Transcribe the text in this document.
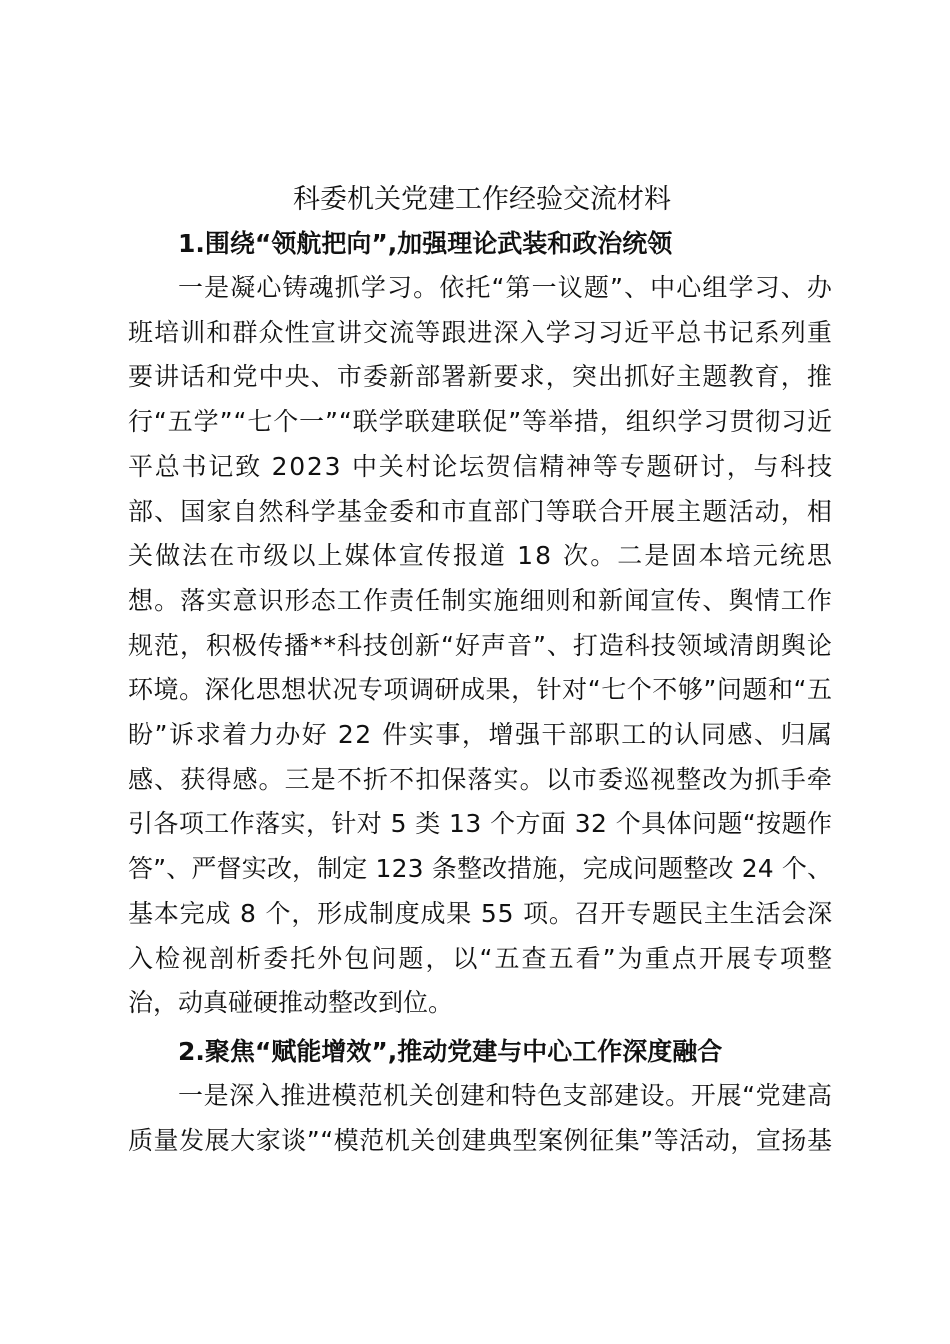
科委机关党建工作经验交流材料
1.围绕“领航把向”,加强理论武装和政治统领
一是凝心铸魂抓学习。依托“第一议题”、中心组学习、办
班培训和群众性宣讲交流等跟进深入学习习近平总书记系列重
要讲话和党中央、市委新部署新要求，突出抓好主题教育，推
行“五学”“七个一”“联学联建联促”等举措，组织学习贯彻习近
平总书记致 2023 中关村论坛贺信精神等专题研讨，与科技
部、国家自然科学基金委和市直部门等联合开展主题活动，相
关做法在市级以上媒体宣传报道 18 次。二是固本培元统思
想。落实意识形态工作责任制实施细则和新闻宣传、舆情工作
规范，积极传播**科技创新“好声音”、打造科技领域清朗舆论
环境。深化思想状况专项调研成果，针对“七个不够”问题和“五
盼”诉求着力办好 22 件实事，增强干部职工的认同感、归属
感、获得感。三是不折不扣保落实。以市委巡视整改为抓手牵
引各项工作落实，针对 5 类 13 个方面 32 个具体问题“按题作
答”、严督实改，制定 123 条整改措施，完成问题整改 24 个、
基本完成 8 个，形成制度成果 55 项。召开专题民主生活会深
入检视剖析委托外包问题，以“五查五看”为重点开展专项整
治，动真碰硬推动整改到位。
2.聚焦“赋能增效”,推动党建与中心工作深度融合
一是深入推进模范机关创建和特色支部建设。开展“党建高
质量发展大家谈”“模范机关创建典型案例征集”等活动，宣扬基
